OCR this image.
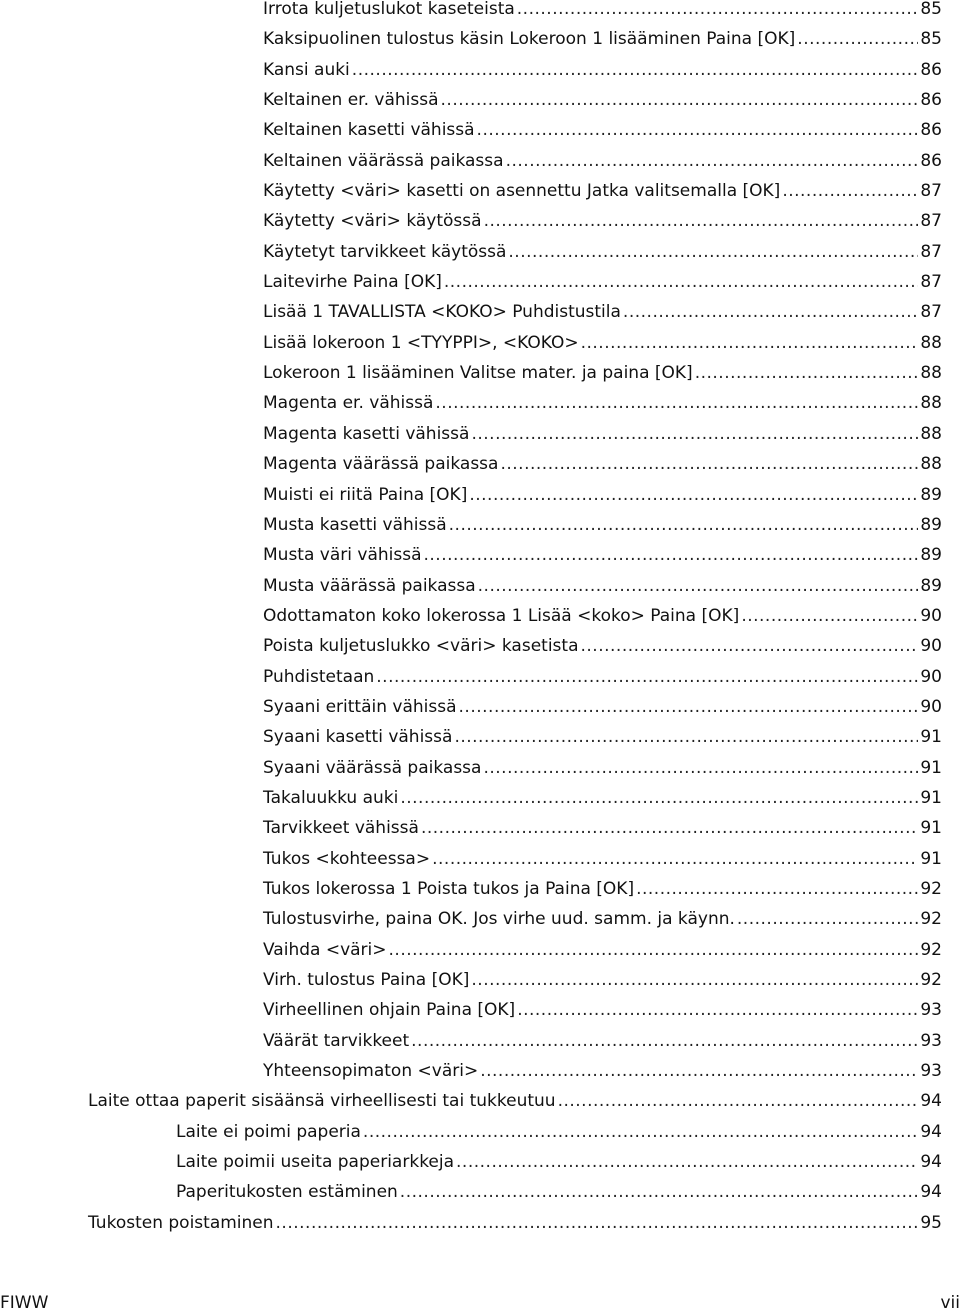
Irrota kuljetuslukot kaseteista .....	85
Kaksipuolinen tulostus käsin Lokeroon 1 lisääminen Paina [OK] .....	85
Kansi auki .....	86
Keltainen er. vähissä .....	86
Keltainen kasetti vähissä .....	86
Keltainen väärässä paikassa .....	86
Käytetty <väri> kasetti on asennettu Jatka valitsemalla [OK] .....	87
Käytetty <väri> käytössä .....	87
Käytetyt tarvikkeet käytössä .....	87
Laitevirhe Paina [OK] .....	87
Lisää 1 TAVALLISTA <KOKO> Puhdistustila .....	87
Lisää lokeroon 1 <TYYPPI>, <KOKO> .....	88
Lokeroon 1 lisääminen Valitse mater. ja paina [OK] .....	88
Magenta er. vähissä .....	88
Magenta kasetti vähissä .....	88
Magenta väärässä paikassa .....	88
Muisti ei riitä Paina [OK] .....	89
Musta kasetti vähissä .....	89
Musta väri vähissä .....	89
Musta väärässä paikassa .....	89
Odottamaton koko lokerossa 1 Lisää <koko> Paina [OK] .....	90
Poista kuljetuslukko <väri> kasetista .....	90
Puhdistetaan .....	90
Syaani erittäin vähissä .....	90
Syaani kasetti vähissä .....	91
Syaani väärässä paikassa .....	91
Takaluukku auki .....	91
Tarvikkeet vähissä .....	91
Tukos <kohteessa> .....	91
Tukos lokerossa 1 Poista tukos ja Paina [OK] .....	92
Tulostusvirhe, paina OK. Jos virhe uud. samm. ja käynn. .....	92
Vaihda <väri> .....	92
Virh. tulostus Paina [OK] .....	92
Virheellinen ohjain Paina [OK] .....	93
Väärät tarvikkeet .....	93
Yhteensopimaton <väri> .....	93
Laite ottaa paperit sisäänsä virheellisesti tai tukkeutuu .....	94
Laite ei poimi paperia .....	94
Laite poimii useita paperiarkkeja .....	94
Paperitukosten estäminen .....	94
Tukosten poistaminen .....	95
FIWW	vii
